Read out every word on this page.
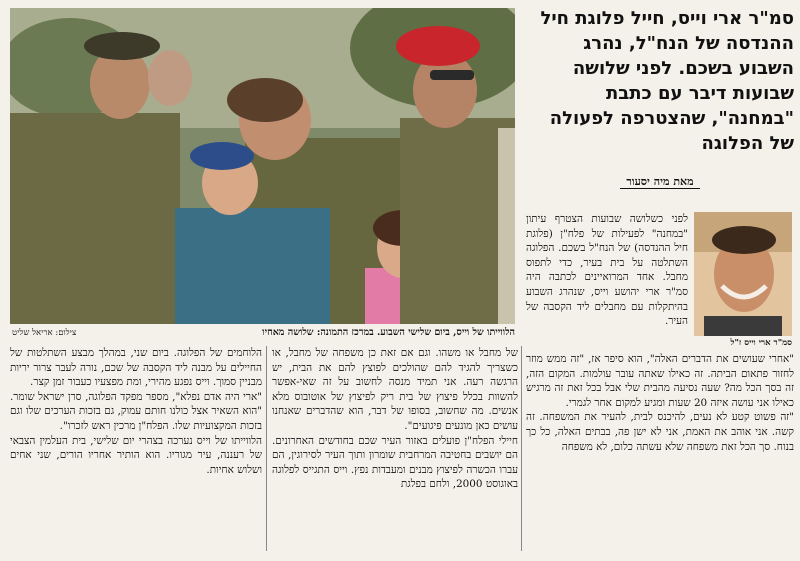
צילום: אריאל שליט	הלווייתו של וייס, ביום שלישי השבוע. במרכז התמונה: שלושה מאחיו
סמ"ר ארי וייס, חייל פלוגת חיל ההנדסה של הנח"ל, נהרג השבוע בשכם. לפני שלושה שבועות דיבר עם כתבת "במחנה", שהצטרפה לפעולה של הפלוגה
מאת מיה יסעור
סמ"ר ארי וייס ז"ל

לפני כשלושה שבועות הצטרף עיתון "במחנה" לפעילות של פלח"ן (פלוגת חיל ההנדסה) של הנח"ל בשכם. הפלוגה השתלטה על בית בעיר, כדי לתפוס מחבל. אחד המרואיינים לכתבה היה סמ"ר ארי יהושע וייס, שנהרג השבוע בהיתקלות עם מחבלים ליד הקסבה של העיר.

"אחרי שעושים את הדברים האלה", הוא סיפר אז, "זה ממש מוזר לחזור פתאום הביתה. זה כאילו שאתה עובר עולמות. המקום הזה, זה בסך הכל מה? שעה נסיעה מהבית שלי אבל בכל זאת זה מרגיש כאילו אני עושה איזה 20 שעות ומגיע למקום אחר לגמרי.

"זה פשוט קטע לא נעים, להיכנס לבית, להעיר את המשפחה. זה קשה. אני אוהב את האמת, אני לא ישן פה, בבתים האלה, כל כך בנוח. סך הכל זאת משפחה שלא עשתה כלום, לא משפחה

של מחבל או משהו. וגם אם זאת כן משפחה של מחבל, או כשצריך להגיד להם שהולכים לפוצץ להם את הבית, יש הרגשה רעה. אני תמיד מנסה לחשוב על זה שאי-אפשר להשוות בכלל פיצוץ של בית ריק לפיצוץ של אוטובוס מלא אנשים. מה שחשוב, בסופו של דבר, הוא שהדברים שאנחנו עושים כאן מונעים פיגועים".

חיילי הפלח"ן פועלים באזור העיר שכם בחודשים האחרונים. הם יושבים בחטיבה המרחבית שומרון ותוך העיר לסירוגין, הם עברו הכשרה לפיצוץ מבנים ומעבדות נפץ. וייס התגייס לפלוגה באוגוסט 2000, ולחם בפלגת

הלוחמים של הפלוגה. ביום שני, במהלך מבצע השתלטות של החיילים על מבנה ליד הקסבה של שכם, נורה לעבר צרור יריות מבניין סמוך. וייס נפגע מהירי, ומת מפצעיו כעבור זמן קצר.

"ארי היה אדם נפלא", מספר מפקד הפלוגה, סרן ישראל שומר. "הוא השאיר אצל כולנו חותם עמוק, גם בזכות הערכים שלו וגם בזכות המקצועיות שלו. הפלח"ן מרכין ראש לזכרו".

הלווייתו של וייס נערכה בצהרי יום שלישי, בית העלמין הצבאי של רעננה, עיר מגוריו. הוא הותיר אחריו הורים, שני אחים ושלוש אחיות.
